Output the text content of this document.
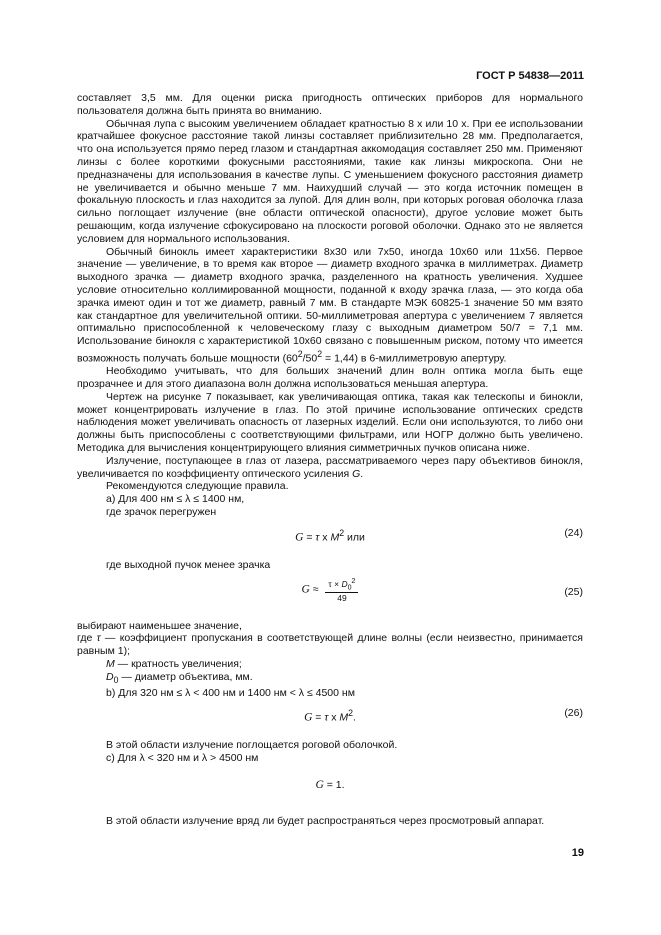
ГОСТ Р 54838—2011

составляет 3,5 мм. Для оценки риска пригодность оптических приборов для нормального пользователя должна быть принята во вниманию.

Обычная лупа с высоким увеличением обладает кратностью 8 x или 10 x. При ее использовании кратчайшее фокусное расстояние такой линзы составляет приблизительно 28 мм. Предполагается, что она используется прямо перед глазом и стандартная аккомодация составляет 250 мм. Применяют линзы с более короткими фокусными расстояниями, такие как линзы микроскопа. Они не предназначены для использования в качестве лупы. С уменьшением фокусного расстояния диаметр не увеличивается и обычно меньше 7 мм. Наихудший случай — это когда источник помещен в фокальную плоскость и глаз находится за лупой. Для длин волн, при которых роговая оболочка глаза сильно поглощает излучение (вне области оптической опасности), другое условие может быть решающим, когда излучение сфокусировано на плоскости роговой оболочки. Однако это не является условием для нормального использования.

Обычный бинокль имеет характеристики 8x30 или 7x50, иногда 10x60 или 11x56. Первое значение — увеличение, в то время как второе — диаметр входного зрачка в миллиметрах. Диаметр выходного зрачка — диаметр входного зрачка, разделенного на кратность увеличения. Худшее условие относительно коллимированной мощности, поданной к входу зрачка глаза, — это когда оба зрачка имеют один и тот же диаметр, равный 7 мм. В стандарте МЭК 60825-1 значение 50 мм взято как стандартное для увеличительной оптики. 50-миллиметровая апертура с увеличением 7 является оптимально приспособленной к человеческому глазу с выходным диаметром 50/7 = 7,1 мм. Использование бинокля с характеристикой 10x60 связано с повышенным риском, потому что имеется возможность получать больше мощности $(60^2/50^2 = 1,44)$ в 6-миллиметровую апертуру.

Необходимо учитывать, что для больших значений длин волн оптика могла быть еще прозрачнее и для этого диапазона волн должна использоваться меньшая апертура.

Чертеж на рисунке 7 показывает, как увеличивающая оптика, такая как телескопы и бинокли, может концентрировать излучение в глаз. По этой причине использование оптических средств наблюдения может увеличивать опасность от лазерных изделий. Если они используются, то либо они должны быть приспособлены с соответствующими фильтрами, или НОГР должно быть увеличено. Методика для вычисления концентрирующего влияния симметричных пучков описана ниже.

Излучение, поступающее в глаз от лазера, рассматриваемого через пару объективов бинокля, увеличивается по коэффициенту оптического усиления G.

Рекомендуются следующие правила.

а) Для 400 нм ≤ λ ≤ 1400 нм,

где зрачок перегружен

G = τ x $M^2$ или	(24)

где выходной пучок менее зрачка

$G \approx \frac{\tau \times D_0^2}{49}$	(25)

выбирают наименьшее значение,

где τ — коэффициент пропускания в соответствующей длине волны (если неизвестно, принимается равным 1);

M — кратность увеличения;

$D_0$ — диаметр объектива, мм.

b) Для 320 нм ≤ λ < 400 нм и 1400 нм < λ ≤ 4500 нм

G = τ x $M^2$.	(26)

В этой области излучение поглощается роговой оболочкой.

с) Для λ < 320 нм и λ > 4500 нм

G = 1.

В этой области излучение вряд ли будет распространяться через просмотровый аппарат.

19
